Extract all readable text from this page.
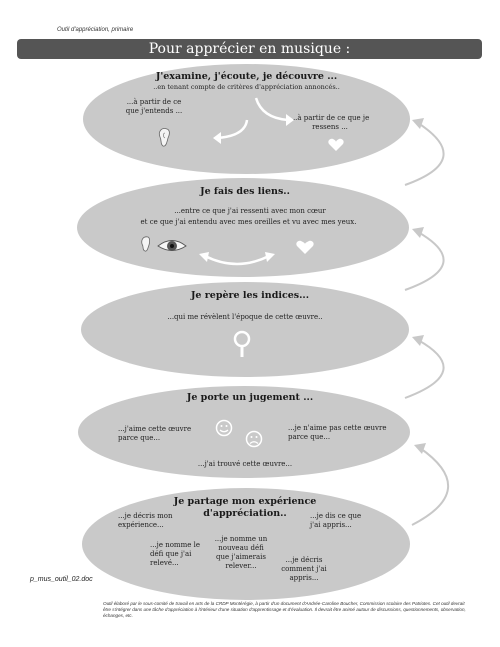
Outil d'appréciation, primaire
Pour apprécier en musique :
J'examine, j'écoute, je découvre ...
..en tenant compte de critères d'appréciation annoncés..
...à partir de ce que j'entends ...
...à partir de ce que je ressens ...
Je fais des liens..
...entre ce que j'ai ressenti avec mon cœur
et ce que j'ai entendu avec mes oreilles et vu avec mes yeux.
Je repère les indices...
...qui me révèlent l'époque de cette œuvre..
Je porte un jugement ...
...j'aime cette œuvre parce que...
...je n'aime pas cette œuvre parce que...
...j'ai trouvé cette œuvre...
Je partage mon expérience
d'appréciation..
...je décris mon expérience...
...je dis ce que j'ai appris...
...je nomme le défi que j'ai relevé...
...je nomme un nouveau défi que j'aimerais relever...
...je décris comment j'ai appris...
p_mus_outil_02.doc
Outil élaboré par le sous-comité de travail en arts de la CRDP Montérégie, à partir d'un document d'Andrée-Caroline Boucher, Commission scolaire des Patriotes. Cet outil devrait être s'intégrer dans une tâche d'appréciation à l'intérieur d'une situation d'apprentissage et d'évaluation. Il devrait être animé autour de discussions, questionnements, observation, échanges, etc.
